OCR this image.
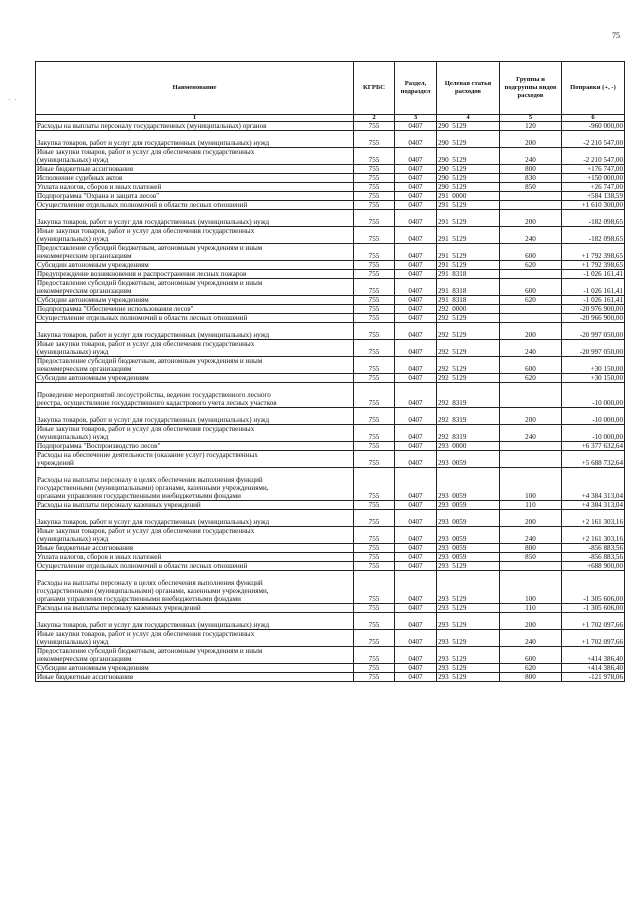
75
· ·
Наименование	КГРБС	Раздел, подраздел	Целевая статья расходов	Группы и подгруппы видов расходов	Поправки (+, -)
1	2	3	4	5	6

Расходы на выплаты персоналу государственных (муниципальных) органов	755	0407	290  5129	120	-960 000,00

Закупка товаров, работ и услуг для государственных (муниципальных) нужд	755	0407	290  5129	200	-2 210 547,00

Иные закупки товаров, работ и услуг для обеспечения государственных
(муниципальных) нужд	755	0407	290  5129	240	-2 210 547,00

Иные бюджетные ассигнования	755	0407	290  5129	800	+176 747,00

Исполнение судебных актов	755	0407	290  5129	830	+150 000,00

Уплата налогов, сборов и иных платежей	755	0407	290  5129	850	+26 747,00

Подпрограмма "Охрана и защита лесов"	755	0407	291  0000		+584 138,59

Осуществление отдельных полномочий в области лесных отношений	755	0407	291  5129		+1 610 300,00

Закупка товаров, работ и услуг для государственных (муниципальных) нужд	755	0407	291  5129	200	-182 098,65

Иные закупки товаров, работ и услуг для обеспечения государственных
(муниципальных) нужд	755	0407	291  5129	240	-182 098,65

Предоставление субсидий бюджетным, автономным учреждениям и иным
некоммерческим организациям	755	0407	291  5129	600	+1 792 398,65

Субсидии автономным учреждениям	755	0407	291  5129	620	+1 792 398,65

Предупреждение возникновения и распространения лесных пожаров	755	0407	291  8318		-1 026 161,41

Предоставление субсидий бюджетным, автономным учреждениям и иным
некоммерческим организациям	755	0407	291  8318	600	-1 026 161,41

Субсидии автономным учреждениям	755	0407	291  8318	620	-1 026 161,41

Подпрограмма "Обеспечение использования лесов"	755	0407	292  0000		-20 976 900,00

Осуществление отдельных полномочий в области лесных отношений	755	0407	292  5129		-20 966 900,00

Закупка товаров, работ и услуг для государственных (муниципальных) нужд	755	0407	292  5129	200	-20 997 050,00

Иные закупки товаров, работ и услуг для обеспечения государственных
(муниципальных) нужд	755	0407	292  5129	240	-20 997 050,00

Предоставление субсидий бюджетным, автономным учреждениям и иным
некоммерческим организациям	755	0407	292  5129	600	+30 150,00

Субсидии автономным учреждениям	755	0407	292  5129	620	+30 150,00

Проведение мероприятий лесоустройства, ведение государственного лесного
реестра, осуществление государственного кадастрового учета лесных участков	755	0407	292  8319		-10 000,00

Закупка товаров, работ и услуг для государственных (муниципальных) нужд	755	0407	292  8319	200	-10 000,00

Иные закупки товаров, работ и услуг для обеспечения государственных
(муниципальных) нужд	755	0407	292  8319	240	-10 000,00

Подпрограмма "Воспроизводство лесов"	755	0407	293  0000		+6 377 632,64

Расходы на обеспечение деятельности (оказание услуг) государственных
учреждений	755	0407	293  0059		+5 688 732,64

Расходы на выплаты персоналу в целях обеспечения выполнения функций
государственными (муниципальными) органами, казенными учреждениями,
органами управления государственными внебюджетными фондами	755	0407	293  0059	100	+4 384 313,04

Расходы на выплаты персоналу казенных учреждений	755	0407	293  0059	110	+4 384 313,04

Закупка товаров, работ и услуг для государственных (муниципальных) нужд	755	0407	293  0059	200	+2 161 303,16

Иные закупки товаров, работ и услуг для обеспечения государственных
(муниципальных) нужд	755	0407	293  0059	240	+2 161 303,16

Иные бюджетные ассигнования	755	0407	293  0059	800	-856 883,56

Уплата налогов, сборов и иных платежей	755	0407	293  0059	850	-856 883,56

Осуществление отдельных полномочий в области лесных отношений	755	0407	293  5129		+688 900,00

Расходы на выплаты персоналу в целях обеспечения выполнения функций
государственными (муниципальными) органами, казенными учреждениями,
органами управления государственными внебюджетными фондами	755	0407	293  5129	100	-1 305 606,00

Расходы на выплаты персоналу казенных учреждений	755	0407	293  5129	110	-1 305 606,00

Закупка товаров, работ и услуг для государственных (муниципальных) нужд	755	0407	293  5129	200	+1 702 097,66

Иные закупки товаров, работ и услуг для обеспечения государственных
(муниципальных) нужд	755	0407	293  5129	240	+1 702 097,66

Предоставление субсидий бюджетным, автономным учреждениям и иным
некоммерческим организациям	755	0407	293  5129	600	+414 386,40

Субсидии автономным учреждениям	755	0407	293  5129	620	+414 386,40

Иные бюджетные ассигнования	755	0407	293  5129	800	-121 978,06
